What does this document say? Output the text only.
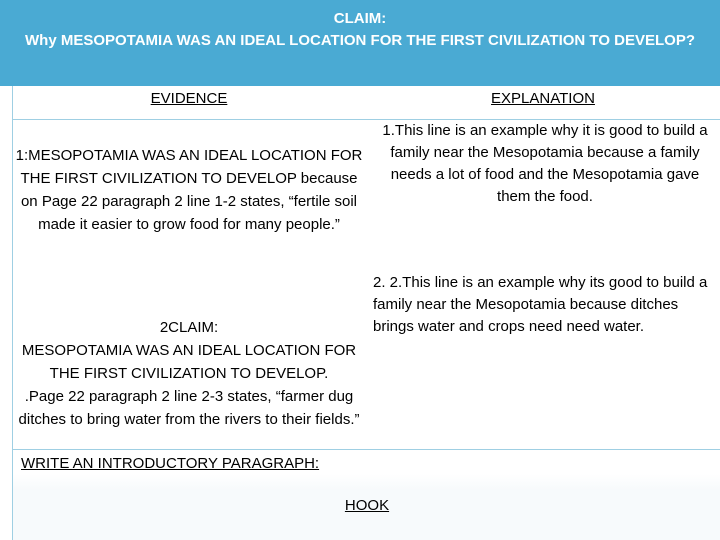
CLAIM:
Why MESOPOTAMIA WAS AN IDEAL LOCATION FOR THE FIRST CIVILIZATION TO DEVELOP?
EVIDENCE	EXPLANATION
1:MESOPOTAMIA WAS AN IDEAL LOCATION FOR THE FIRST CIVILIZATION TO DEVELOP because on Page 22 paragraph 2 line 1-2 states, “fertile soil made it easier to grow food for many people.”
2CLAIM:
MESOPOTAMIA WAS AN IDEAL LOCATION FOR THE FIRST CIVILIZATION TO DEVELOP.
.Page 22 paragraph 2 line 2-3 states, “farmer dug ditches to bring water from the rivers to their fields.”
1.This line is an example why it is good to build a family near the Mesopotamia because a family needs a lot of food and the Mesopotamia gave them the food.
2. 2.This line is an example why its good to build a family near the Mesopotamia because ditches brings water and crops need need water.
WRITE AN INTRODUCTORY PARAGRAPH:
HOOK
